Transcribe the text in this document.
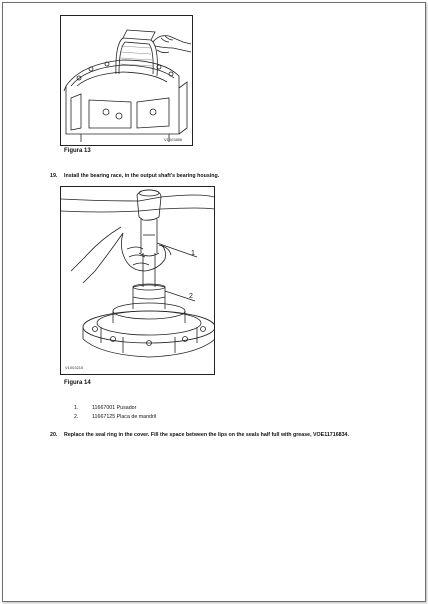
V1003856
Figura 13
19. Install the bearing race, in the output shaft's bearing housing.
V1003215
1
2
Figura 14
1.	11667001 Pusador
2.	11667125 Placa de mandril
20. Replace the seal ring in the cover. Fill the space between the lips on the seals half full with grease, VOE11716834.
